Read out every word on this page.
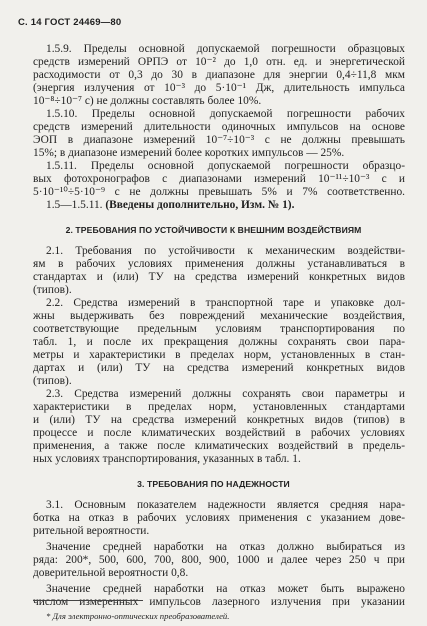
С. 14 ГОСТ 24469—80
1.5.9. Пределы основной допускаемой погрешности образцовых
средств измерений ОРПЭ от 10⁻² до 1,0 отн. ед. и энергетической
расходимости от 0,3 до 30 в диапазоне для энергии 0,4÷11,8 мкм
(энергия излучения от 10⁻³ до 5·10⁻¹ Дж, длительность импульса
10⁻⁸÷10⁻⁷ с) не должны составлять более 10%.
1.5.10. Пределы основной допускаемой погрешности рабочих
средств измерений длительности одиночных импульсов на основе
ЭОП в диапазоне измерений 10⁻⁷÷10⁻³ с не должны превышать
15%; в диапазоне измерений более коротких импульсов — 25%.
1.5.11. Пределы основной допускаемой погрешности образцо-
вых фотохронографов с диапазонами измерений 10⁻¹¹÷10⁻³ с и
5·10⁻¹⁰÷5·10⁻⁹ с не должны превышать 5% и 7% соответственно.
1.5—1.5.11. (Введены дополнительно, Изм. № 1).
2. ТРЕБОВАНИЯ ПО УСТОЙЧИВОСТИ К ВНЕШНИМ ВОЗДЕЙСТВИЯМ
2.1. Требования по устойчивости к механическим воздействи-
ям в рабочих условиях применения должны устанавливаться в
стандартах и (или) ТУ на средства измерений конкретных видов
(типов).
2.2. Средства измерений в транспортной таре и упаковке дол-
жны выдерживать без повреждений механические воздействия,
соответствующие предельным условиям транспортирования по
табл. 1, и после их прекращения должны сохранять свои пара-
метры и характеристики в пределах норм, установленных в стан-
дартах и (или) ТУ на средства измерений конкретных видов
(типов).
2.3. Средства измерений должны сохранять свои параметры и
характеристики в пределах норм, установленных стандартами
и (или) ТУ на средства измерений конкретных видов (типов) в
процессе и после климатических воздействий в рабочих условиях
применения, а также после климатических воздействий в предель-
ных условиях транспортирования, указанных в табл. 1.
3. ТРЕБОВАНИЯ ПО НАДЕЖНОСТИ
3.1. Основным показателем надежности является средняя нара-
ботка на отказ в рабочих условиях применения с указанием дове-
рительной вероятности.
Значение средней наработки на отказ должно выбираться из
ряда: 200*, 500, 600, 700, 800, 900, 1000 и далее через 250 ч при
доверительной вероятности 0,8.
Значение средней наработки на отказ может быть выражено
числом измеренных импульсов лазерного излучения при указании
* Для электронно-оптических преобразователей.
